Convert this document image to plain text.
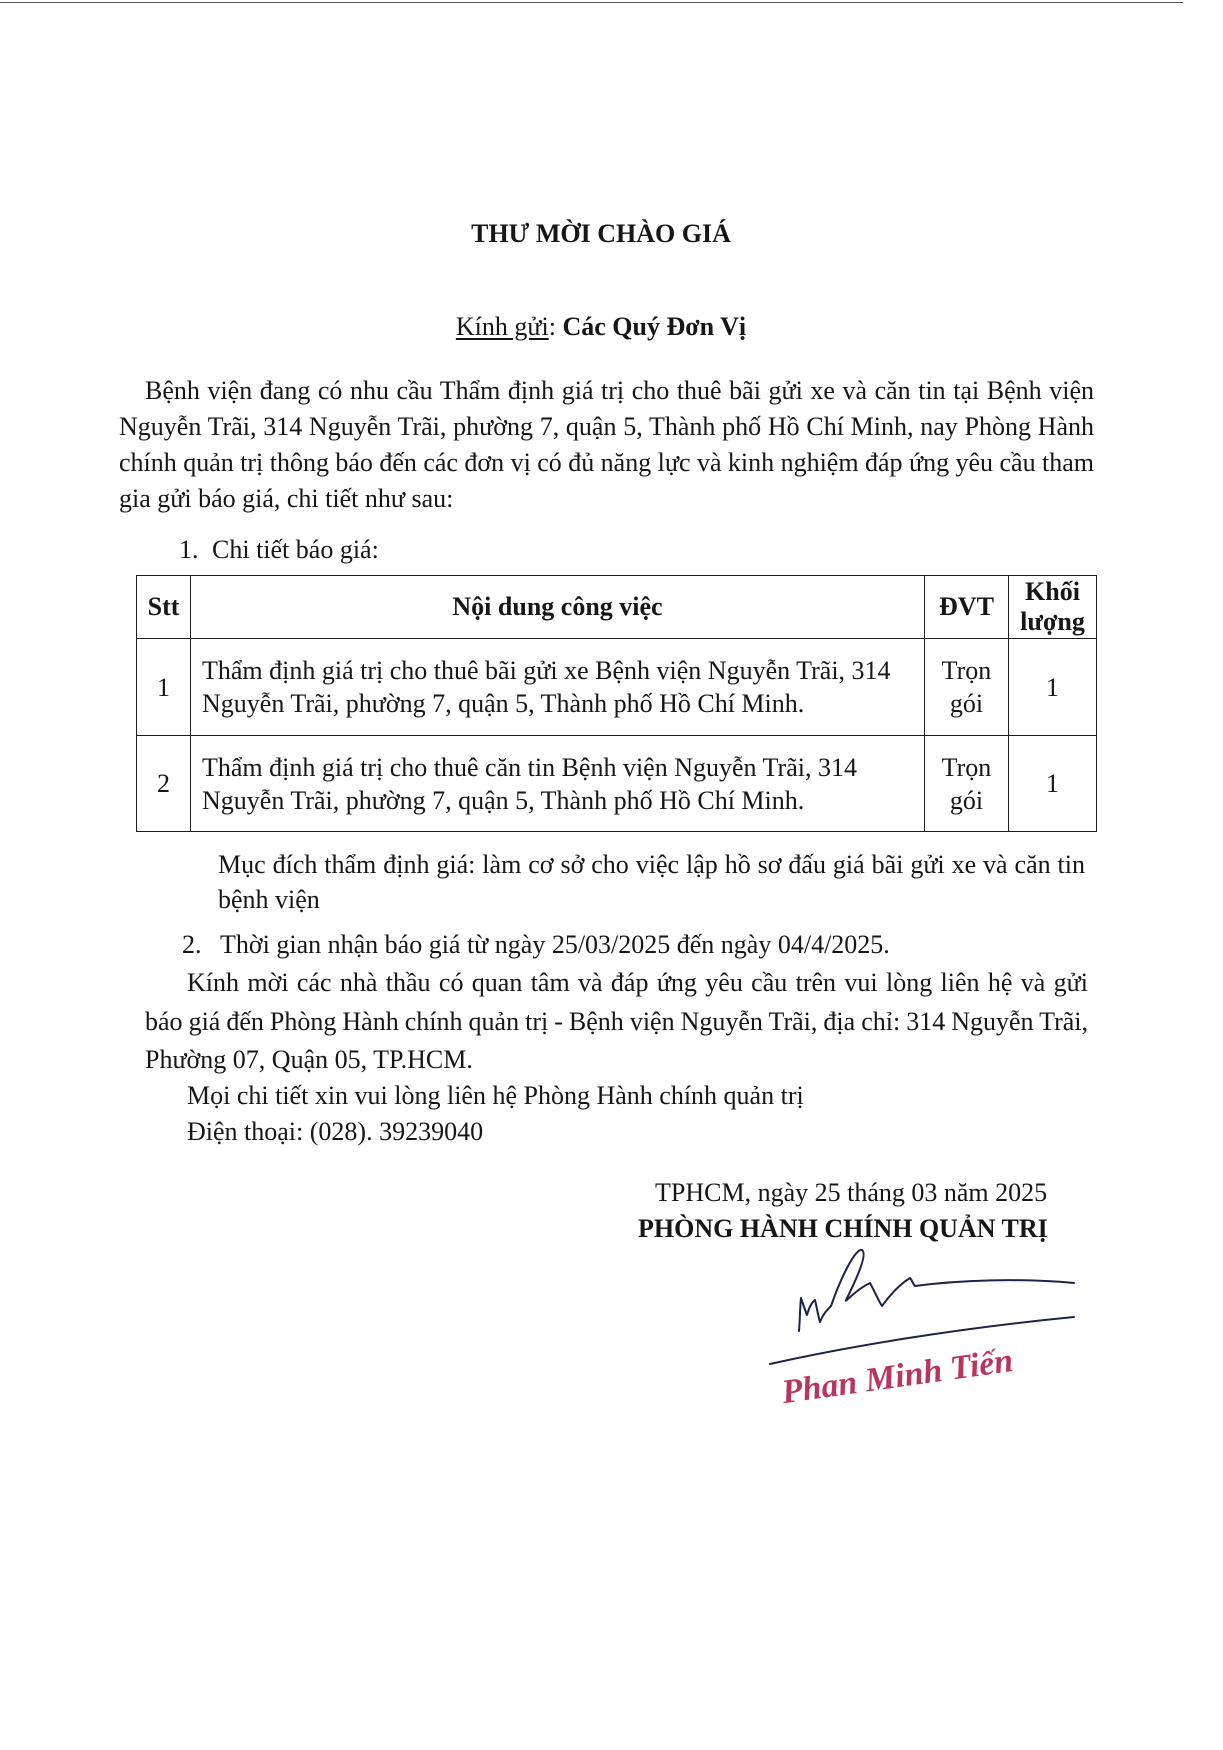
THƯ MỜI CHÀO GIÁ
Kính gửi: Các Quý Đơn Vị
Bệnh viện đang có nhu cầu Thẩm định giá trị cho thuê bãi gửi xe và căn tin tại Bệnh viện
Nguyễn Trãi, 314 Nguyễn Trãi, phường 7, quận 5, Thành phố Hồ Chí Minh, nay Phòng Hành
chính quản trị thông báo đến các đơn vị có đủ năng lực và kinh nghiệm đáp ứng yêu cầu tham
gia gửi báo giá, chi tiết như sau:
1. Chi tiết báo giá:
Stt	Nội dung công việc	ĐVT	Khối lượng
1	Thẩm định giá trị cho thuê bãi gửi xe Bệnh viện Nguyễn Trãi, 314 Nguyễn Trãi, phường 7, quận 5, Thành phố Hồ Chí Minh.	Trọn gói	1
2	Thẩm định giá trị cho thuê căn tin Bệnh viện Nguyễn Trãi, 314 Nguyễn Trãi, phường 7, quận 5, Thành phố Hồ Chí Minh.	Trọn gói	1
Mục đích thẩm định giá: làm cơ sở cho việc lập hồ sơ đấu giá bãi gửi xe và căn tin
bệnh viện
2. Thời gian nhận báo giá từ ngày 25/03/2025 đến ngày 04/4/2025.
Kính mời các nhà thầu có quan tâm và đáp ứng yêu cầu trên vui lòng liên hệ và gửi
báo giá đến Phòng Hành chính quản trị - Bệnh viện Nguyễn Trãi, địa chỉ: 314 Nguyễn Trãi,
Phường 07, Quận 05, TP.HCM.
Mọi chi tiết xin vui lòng liên hệ Phòng Hành chính quản trị
Điện thoại: (028). 39239040
TPHCM, ngày 25 tháng 03 năm 2025
PHÒNG HÀNH CHÍNH QUẢN TRỊ
Phan Minh Tiến
